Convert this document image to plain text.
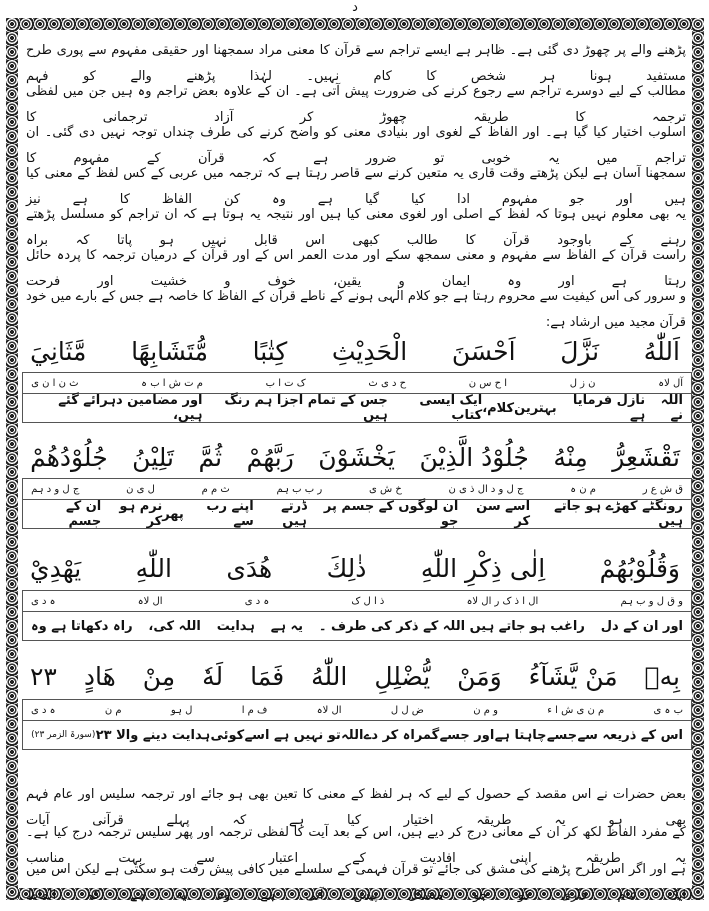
د
پڑھنے والے پر چھوڑ دی گئی ہے۔ ظاہر ہے ایسے تراجم سے قرآن کا معنی مراد سمجھنا اور حقیقی مفہوم سے پوری طرح مستفید ہونا ہر شخص کا کام نہیں۔ لہٰذا پڑھنے والے کو فہم
مطالب کے لیے دوسرے تراجم سے رجوع کرنے کی ضرورت پیش آتی ہے۔ ان کے علاوہ بعض تراجم وہ ہیں جن میں لفظی ترجمہ کا طریقہ چھوڑ کر آزاد ترجمانی کا
اسلوب اختیار کیا گیا ہے۔ اور الفاظ کے لغوی اور بنیادی معنی کو واضح کرنے کی طرف چنداں توجہ نہیں دی گئی۔ ان تراجم میں یہ خوبی تو ضرور ہے کہ قرآن کے مفہوم کا
سمجھنا آسان ہے لیکن پڑھتے وقت قاری یہ متعین کرنے سے قاصر رہتا ہے کہ ترجمہ میں عربی کے کس لفظ کے معنی کیا ہیں اور جو مفہوم ادا کیا گیا ہے وہ کن الفاظ کا ہے نیز
یہ بھی معلوم نہیں ہوتا کہ لفظ کے اصلی اور لغوی معنی کیا ہیں اور نتیجہ یہ ہوتا ہے کہ ان تراجم کو مسلسل پڑھتے رہنے کے باوجود قرآن کا طالب کبھی اس قابل نہیں ہو پاتا کہ براہ
راست قرآن کے الفاظ سے مفہوم و معنی سمجھ سکے اور مدت العمر اس کے اور قرآن کے درمیان ترجمہ کا پردہ حائل رہتا ہے اور وہ ایمان و یقین، خوف و خشیت اور فرحت
و سرور کی اس کیفیت سے محروم رہتا ہے جو کلام الٰہی ہونے کے ناطے قرآن کے الفاظ کا خاصہ ہے جس کے بارے میں خود قرآن مجید میں ارشاد ہے:
اَللّٰهُ
نَزَّلَ
اَحْسَنَ
الْحَدِيْثِ
كِتٰبًا
مُّتَشَابِهًا
مَّثَانِيَ
آل لاہ
ن ز ل
ا ح س ن
ح د ی ث
ک ت ا ب
م ت ش ا ب ہ
ث ن ا ن ی
اللہ نے
نازل فرمایا ہے
بہترین
کلام،
ایک ایسی کتاب
جس کے تمام اجزا ہم رنگ ہیں
اور مضامین دہرائے گئے ہیں،
تَقْشَعِرُّ
مِنْهُ
جُلُوْدُ الَّذِيْنَ
يَخْشَوْنَ
رَبَّهُمْ
ثُمَّ
تَلِيْنُ
جُلُوْدُهُمْ
ق ش ع ر
م ن ہ
ج ل و د ال ذ ی ن
خ ش ی
ر ب ب ہم
ث م م
ل ی ن
ج ل و د ہم
رونگٹے کھڑے ہو جاتے ہیں
اسے سن کر
ان لوگوں کے جسم پر جو
ڈرتے ہیں
اپنے رب سے
پھر
نرم ہو کر
ان کے جسم
وَقُلُوْبُهُمْ
اِلٰى ذِكْرِ اللّٰهِ
ذٰلِكَ
هُدَى
اللّٰهِ
يَهْدِيْ
و ق ل و ب ہم
ال ا ذ ک ر ال لاہ
ذ ا ل ک
ہ د ی
ال لاہ
ہ د ی
اور ان کے دل
راغب ہو جاتے ہیں اللہ کے ذکر کی طرف ۔
یہ ہے
ہدایت
اللہ کی،
راہ دکھاتا ہے وہ
بِهٖ
مَنْ يَّشَآءُ
وَمَنْ
يُّضْلِلِ
اللّٰهُ
فَمَا
لَهٗ
مِنْ
هَادٍ
٢٣
ب ہ ی
م ن ی ش ا ء
و م ن
ض ل ل
ال لاہ
ف م ا
ل ہو
م ن
ہ د ی
اس کے ذریعہ سے
جسے
چاہتا ہے
اور جسے
گمراہ کر دے
اللہ
تو نہیں ہے اسے
کوئی
ہدایت دینے والا ٢٣
(سورۃ الزمر ٢٣)
بعض حضرات نے اس مقصد کے حصول کے لیے کہ ہر لفظ کے معنی کا تعین بھی ہو جائے اور ترجمہ سلیس اور عام فہم بھی ہو یہ طریقہ اختیار کیا ہے کہ پہلے قرآنی آیات
کے مفرد الفاظ لکھ کر ان کے معانی درج کر دیے ہیں، اس کے بعد آیت کا لفظی ترجمہ اور پھر سلیس ترجمہ درج کیا ہے۔ یہ طریقہ اپنی افادیت کے اعتبار سے بہت مناسب
ہے اور اگر اس طرح پڑھنے کی مشق کی جائے تو قرآن فہمی کے سلسلے میں کافی پیش رفت ہو سکتی ہے لیکن اس میں ایک عام قاری کو جو مشکل پیش آتی ہے وہ یہ ہے کہ الفاظ
